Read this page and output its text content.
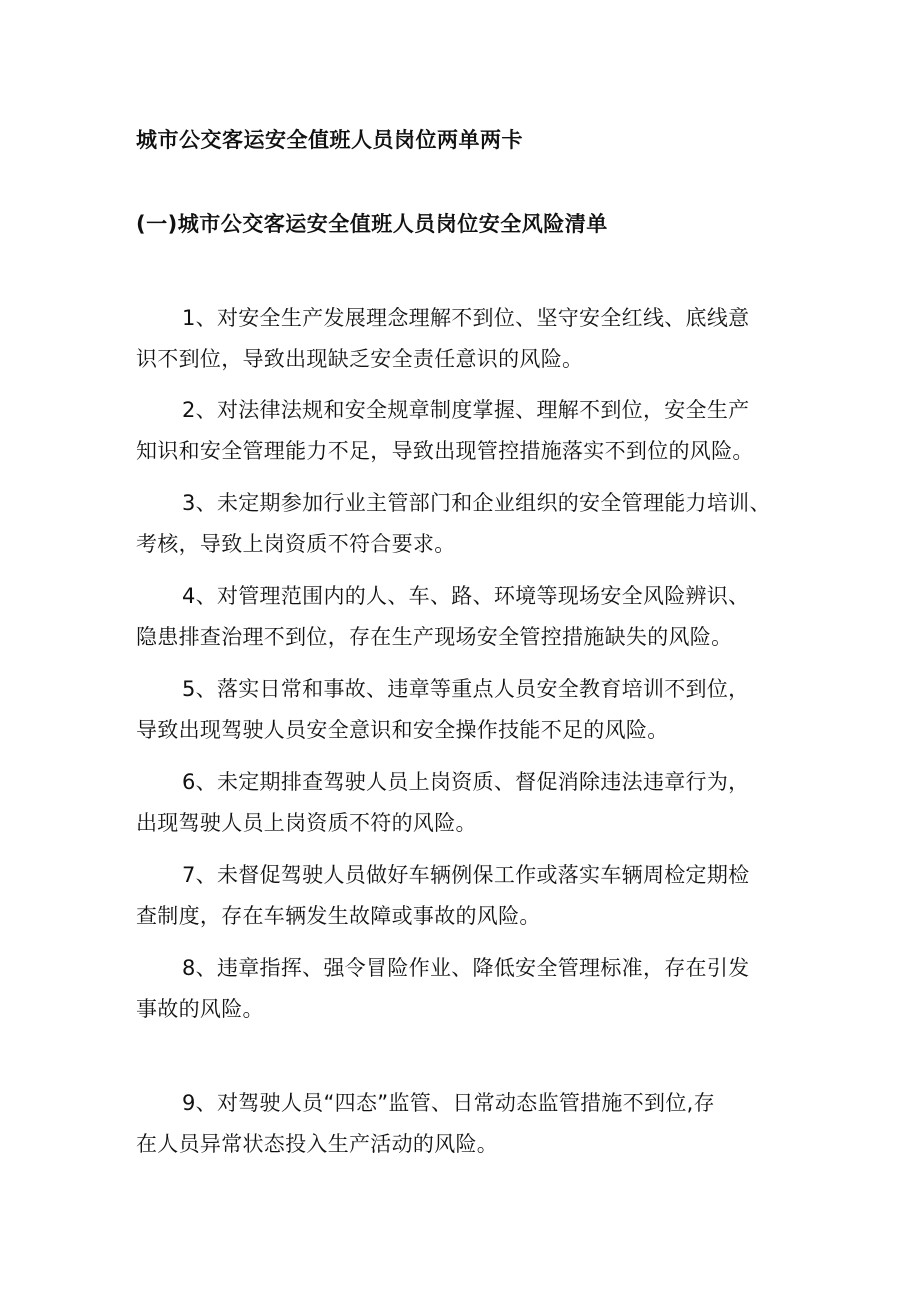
城市公交客运安全值班人员岗位两单两卡
(一)城市公交客运安全值班人员岗位安全风险清单
1、对安全生产发展理念理解不到位、坚守安全红线、底线意
识不到位，导致出现缺乏安全责任意识的风险。
2、对法律法规和安全规章制度掌握、理解不到位，安全生产
知识和安全管理能力不足，导致出现管控措施落实不到位的风险。
3、未定期参加行业主管部门和企业组织的安全管理能力培训、
考核，导致上岗资质不符合要求。
4、对管理范围内的人、车、路、环境等现场安全风险辨识、
隐患排查治理不到位，存在生产现场安全管控措施缺失的风险。
5、落实日常和事故、违章等重点人员安全教育培训不到位，
导致出现驾驶人员安全意识和安全操作技能不足的风险。
6、未定期排查驾驶人员上岗资质、督促消除违法违章行为，
出现驾驶人员上岗资质不符的风险。
7、未督促驾驶人员做好车辆例保工作或落实车辆周检定期检
查制度，存在车辆发生故障或事故的风险。
8、违章指挥、强令冒险作业、降低安全管理标准，存在引发
事故的风险。
9、对驾驶人员“四态”监管、日常动态监管措施不到位,存
在人员异常状态投入生产活动的风险。
